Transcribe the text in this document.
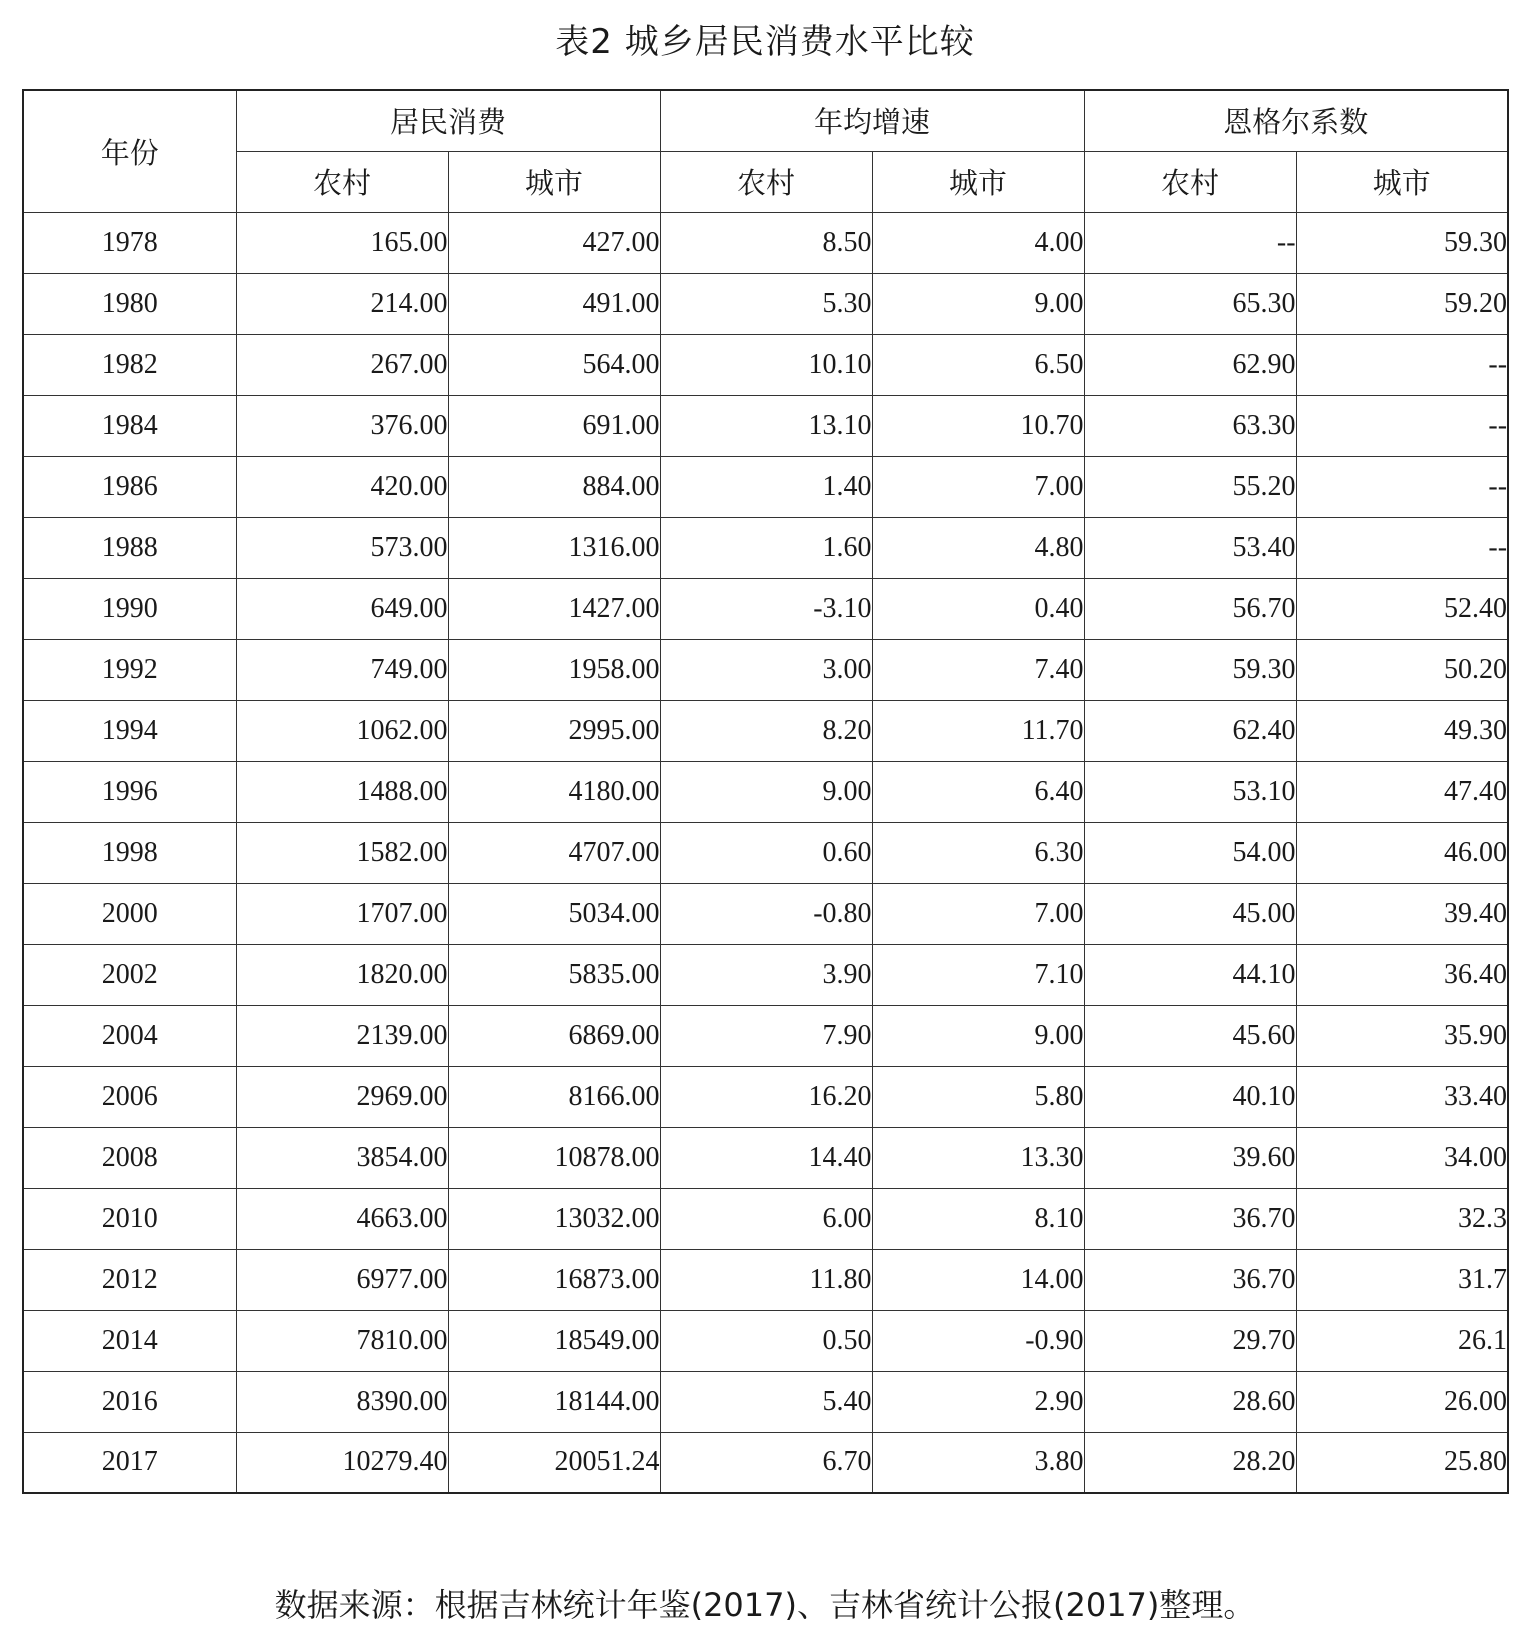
表2 城乡居民消费水平比较
年份	居民消费		年均增速		恩格尔系数	
	农村	城市	农村	城市	农村	城市
1978	165.00	427.00	8.50	4.00	--	59.30
1980	214.00	491.00	5.30	9.00	65.30	59.20
1982	267.00	564.00	10.10	6.50	62.90	--
1984	376.00	691.00	13.10	10.70	63.30	--
1986	420.00	884.00	1.40	7.00	55.20	--
1988	573.00	1316.00	1.60	4.80	53.40	--
1990	649.00	1427.00	-3.10	0.40	56.70	52.40
1992	749.00	1958.00	3.00	7.40	59.30	50.20
1994	1062.00	2995.00	8.20	11.70	62.40	49.30
1996	1488.00	4180.00	9.00	6.40	53.10	47.40
1998	1582.00	4707.00	0.60	6.30	54.00	46.00
2000	1707.00	5034.00	-0.80	7.00	45.00	39.40
2002	1820.00	5835.00	3.90	7.10	44.10	36.40
2004	2139.00	6869.00	7.90	9.00	45.60	35.90
2006	2969.00	8166.00	16.20	5.80	40.10	33.40
2008	3854.00	10878.00	14.40	13.30	39.60	34.00
2010	4663.00	13032.00	6.00	8.10	36.70	32.3
2012	6977.00	16873.00	11.80	14.00	36.70	31.7
2014	7810.00	18549.00	0.50	-0.90	29.70	26.1
2016	8390.00	18144.00	5.40	2.90	28.60	26.00
2017	10279.40	20051.24	6.70	3.80	28.20	25.80
数据来源：根据吉林统计年鉴(2017)、吉林省统计公报(2017)整理。
